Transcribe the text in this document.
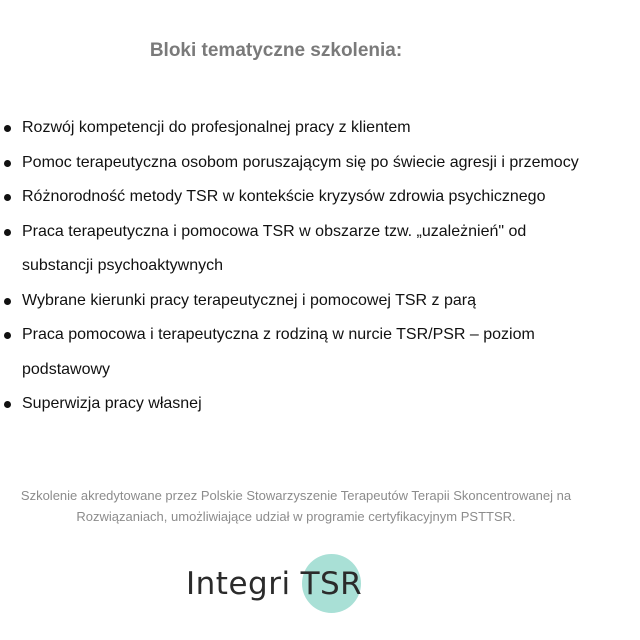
Bloki tematyczne szkolenia:
Rozwój kompetencji do profesjonalnej pracy z klientem
Pomoc terapeutyczna osobom poruszającym się po świecie agresji i przemocy
Różnorodność metody TSR w kontekście kryzysów zdrowia psychicznego
Praca terapeutyczna i pomocowa TSR w obszarze tzw. „uzależnień" od substancji psychoaktywnych
Wybrane kierunki pracy terapeutycznej i pomocowej TSR z parą
Praca pomocowa i terapeutyczna z rodziną w nurcie TSR/PSR – poziom podstawowy
Superwizja pracy własnej

Szkolenie akredytowane przez Polskie Stowarzyszenie Terapeutów Terapii Skoncentrowanej na
Rozwiązaniach, umożliwiające udział w programie certyfikacyjnym PSTTSR.

Integri TSR
